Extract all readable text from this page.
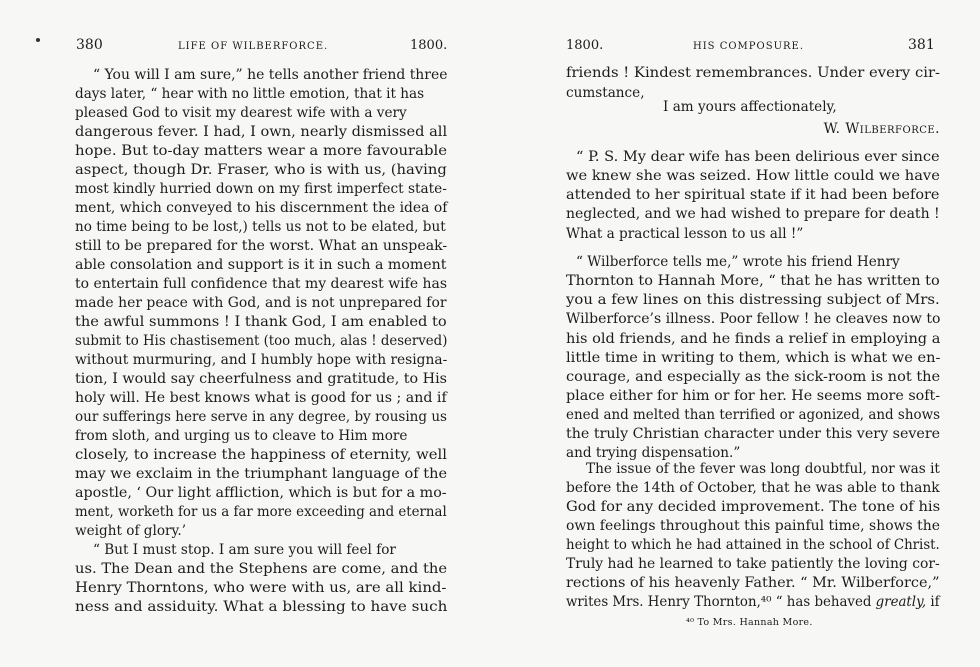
380	LIFE OF WILBERFORCE.	1800.
“ You will I am sure,” he tells another friend three
days later, “ hear with no little emotion, that it has
pleased God to visit my dearest wife with a very
dangerous fever. I had, I own, nearly dismissed all
hope. But to-day matters wear a more favourable
aspect, though Dr. Fraser, who is with us, (having
most kindly hurried down on my first imperfect state-
ment, which conveyed to his discernment the idea of
no time being to be lost,) tells us not to be elated, but
still to be prepared for the worst. What an unspeak-
able consolation and support is it in such a moment
to entertain full confidence that my dearest wife has
made her peace with God, and is not unprepared for
the awful summons ! I thank God, I am enabled to
submit to His chastisement (too much, alas ! deserved)
without murmuring, and I humbly hope with resigna-
tion, I would say cheerfulness and gratitude, to His
holy will. He best knows what is good for us ; and if
our sufferings here serve in any degree, by rousing us
from sloth, and urging us to cleave to Him more
closely, to increase the happiness of eternity, well
may we exclaim in the triumphant language of the
apostle, ‘ Our light affliction, which is but for a mo-
ment, worketh for us a far more exceeding and eternal
weight of glory.’
“ But I must stop. I am sure you will feel for
us. The Dean and the Stephens are come, and the
Henry Thorntons, who were with us, are all kind-
ness and assiduity. What a blessing to have such
1800.	HIS COMPOSURE.	381
friends ! Kindest remembrances. Under every cir-
cumstance,
I am yours affectionately,
W. Wilberforce.
“ P. S. My dear wife has been delirious ever since
we knew she was seized. How little could we have
attended to her spiritual state if it had been before
neglected, and we had wished to prepare for death !
What a practical lesson to us all !”
“ Wilberforce tells me,” wrote his friend Henry
Thornton to Hannah More, “ that he has written to
you a few lines on this distressing subject of Mrs.
Wilberforce’s illness. Poor fellow ! he cleaves now to
his old friends, and he finds a relief in employing a
little time in writing to them, which is what we en-
courage, and especially as the sick-room is not the
place either for him or for her. He seems more soft-
ened and melted than terrified or agonized, and shows
the truly Christian character under this very severe
and trying dispensation.”
The issue of the fever was long doubtful, nor was it
before the 14th of October, that he was able to thank
God for any decided improvement. The tone of his
own feelings throughout this painful time, shows the
height to which he had attained in the school of Christ.
Truly had he learned to take patiently the loving cor-
rections of his heavenly Father. “ Mr. Wilberforce,”
writes Mrs. Henry Thornton,⁴⁰ “ has behaved greatly, if
⁴⁰ To Mrs. Hannah More.
